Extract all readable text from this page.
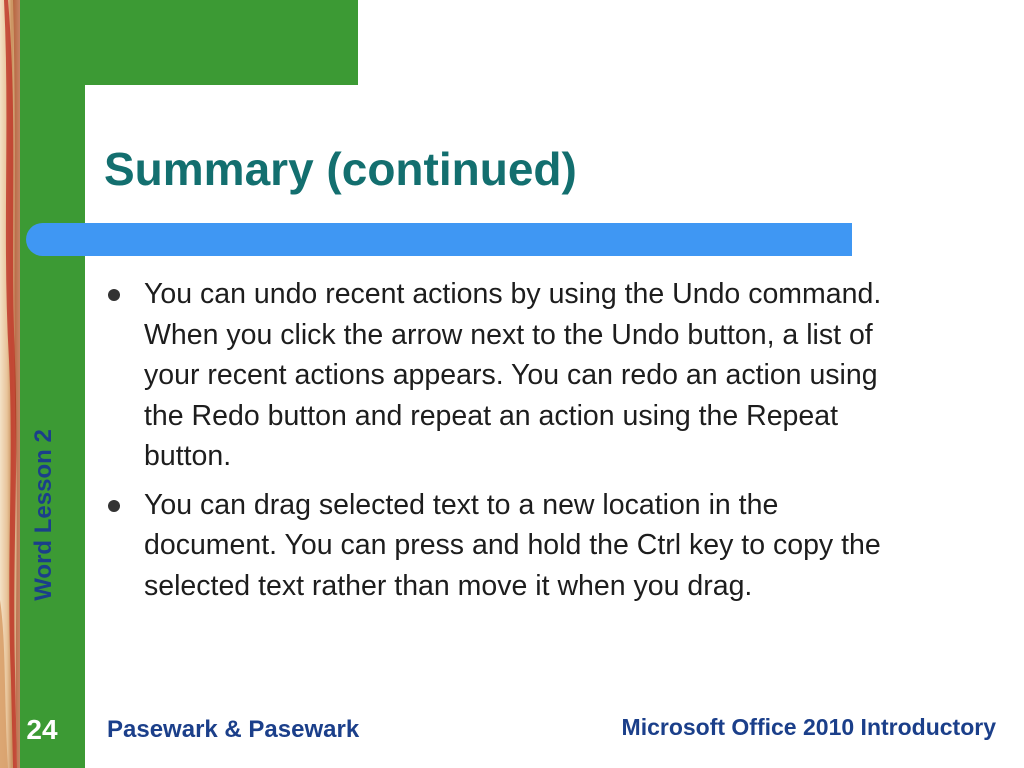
Summary (continued)
You can undo recent actions by using the Undo command. When you click the arrow next to the Undo button, a list of your recent actions appears. You can redo an action using the Redo button and repeat an action using the Repeat button.
You can drag selected text to a new location in the document. You can press and hold the Ctrl key to copy the selected text rather than move it when you drag.
Word Lesson 2
24 Pasewark & Pasewark	Microsoft Office 2010 Introductory
